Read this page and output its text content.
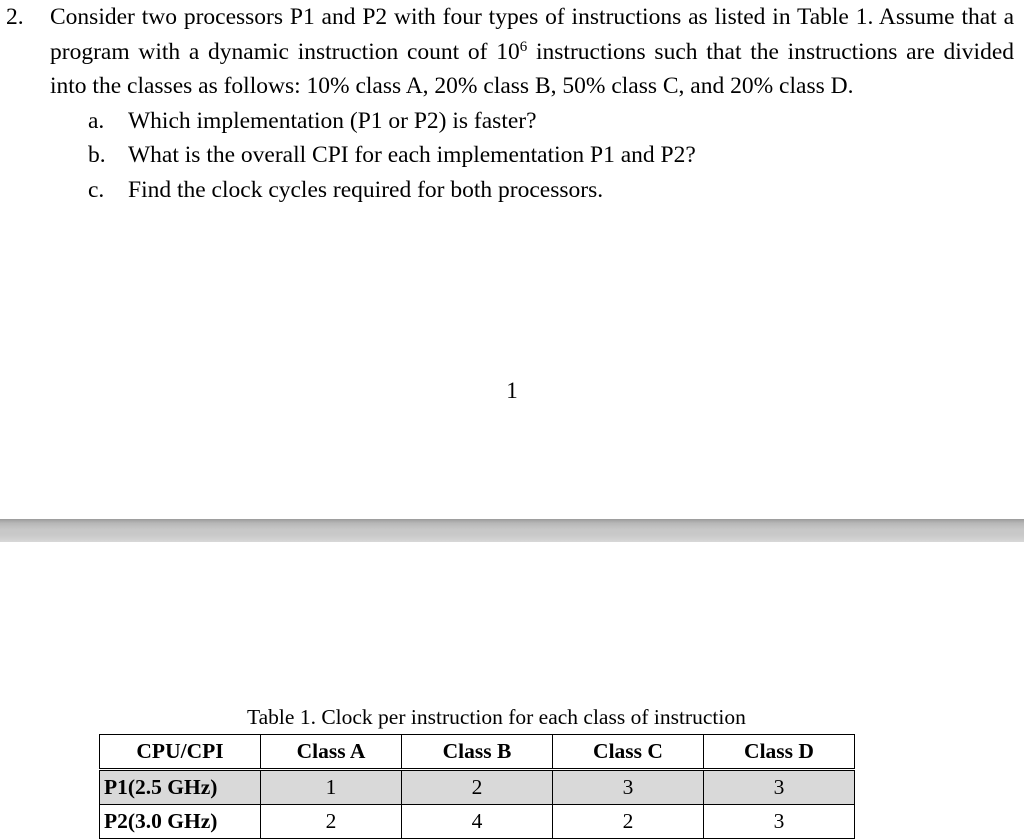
2. Consider two processors P1 and P2 with four types of instructions as listed in Table 1. Assume that a program with a dynamic instruction count of $10^6$ instructions such that the instructions are divided into the classes as follows: 10% class A, 20% class B, 50% class C, and 20% class D.
a. Which implementation (P1 or P2) is faster?
b. What is the overall CPI for each implementation P1 and P2?
c. Find the clock cycles required for both processors.
1
Table 1. Clock per instruction for each class of instruction
CPU/CPI	Class A	Class B	Class C	Class D
P1(2.5 GHz)	1	2	3	3
P2(3.0 GHz)	2	4	2	3
